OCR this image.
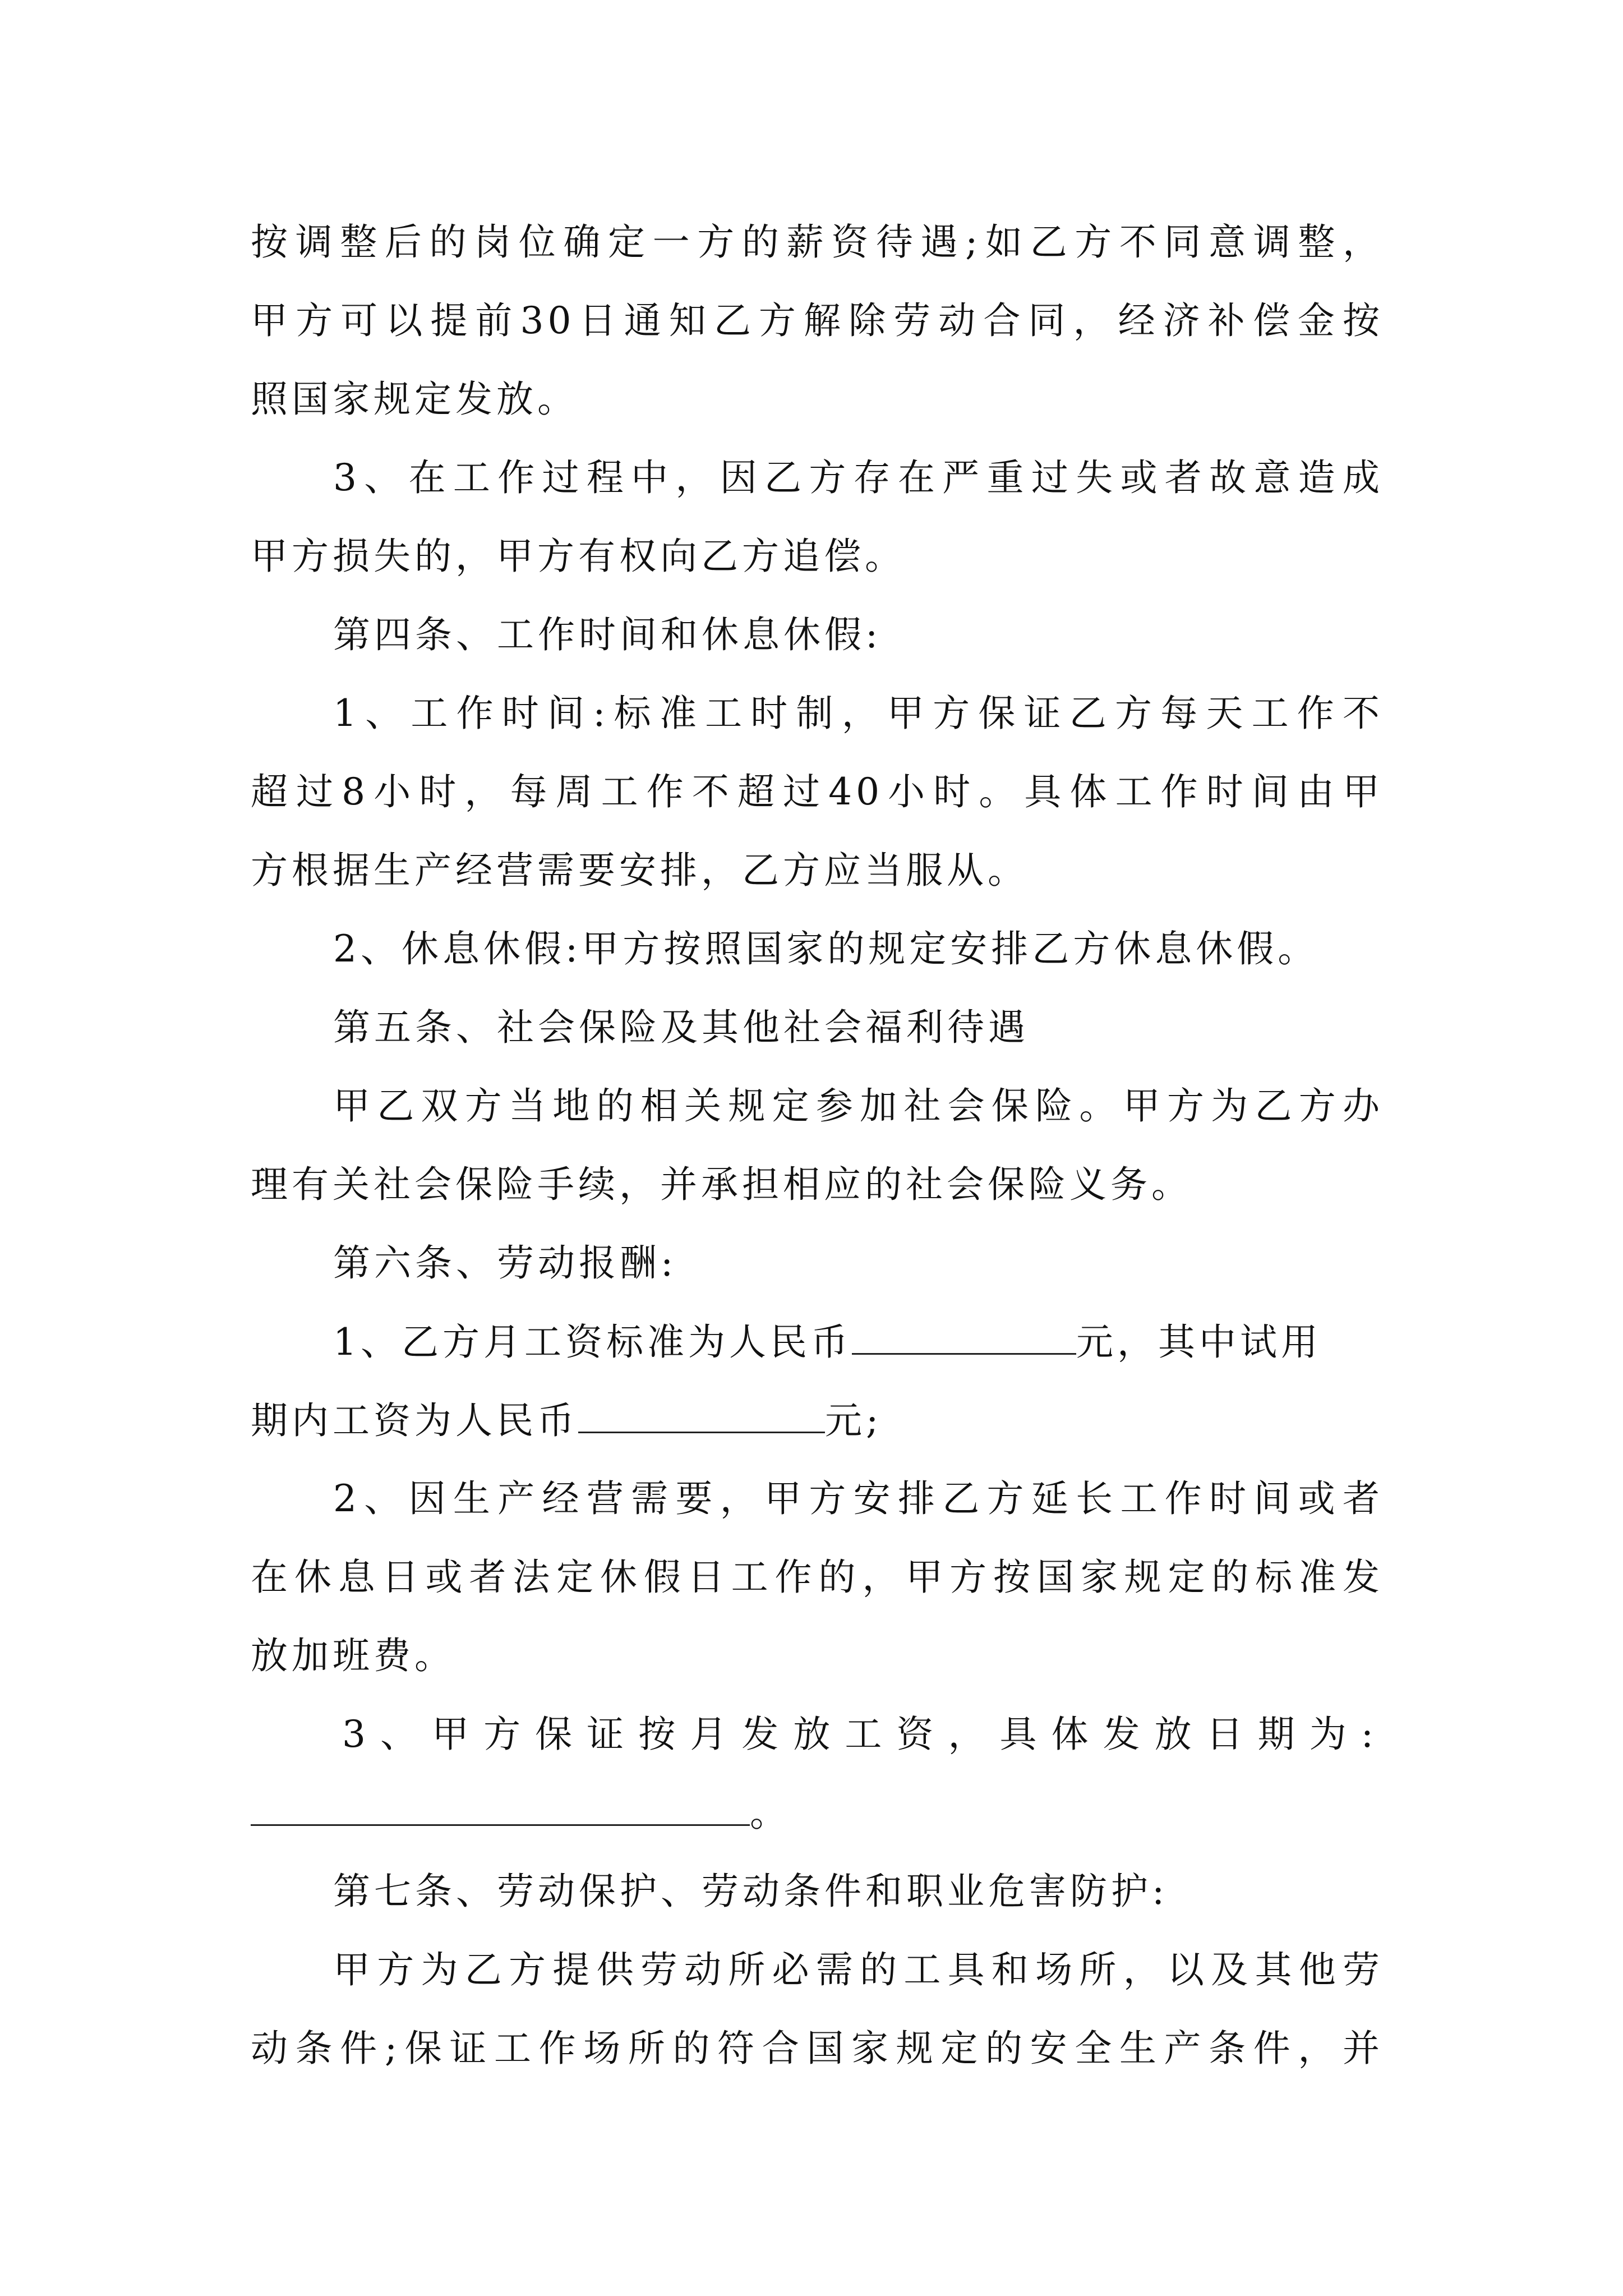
按调整后的岗位确定一方的薪资待遇;如乙方不同意调整，
甲方可以提前30日通知乙方解除劳动合同，经济补偿金按
照国家规定发放。
3、在工作过程中，因乙方存在严重过失或者故意造成
甲方损失的，甲方有权向乙方追偿。
第四条、工作时间和休息休假:
1、工作时间:标准工时制，甲方保证乙方每天工作不
超过8小时，每周工作不超过40小时。具体工作时间由甲
方根据生产经营需要安排，乙方应当服从。
2、休息休假:甲方按照国家的规定安排乙方休息休假。
第五条、社会保险及其他社会福利待遇
甲乙双方当地的相关规定参加社会保险。甲方为乙方办
理有关社会保险手续，并承担相应的社会保险义务。
第六条、劳动报酬:
1、乙方月工资标准为人民币	元，其中试用
期内工资为人民币	元;
2、因生产经营需要，甲方安排乙方延长工作时间或者
在休息日或者法定休假日工作的，甲方按国家规定的标准发
放加班费。
3、甲方保证按月发放工资，具体发放日期为:
。
第七条、劳动保护、劳动条件和职业危害防护:
甲方为乙方提供劳动所必需的工具和场所，以及其他劳
动条件;保证工作场所的符合国家规定的安全生产条件，并
